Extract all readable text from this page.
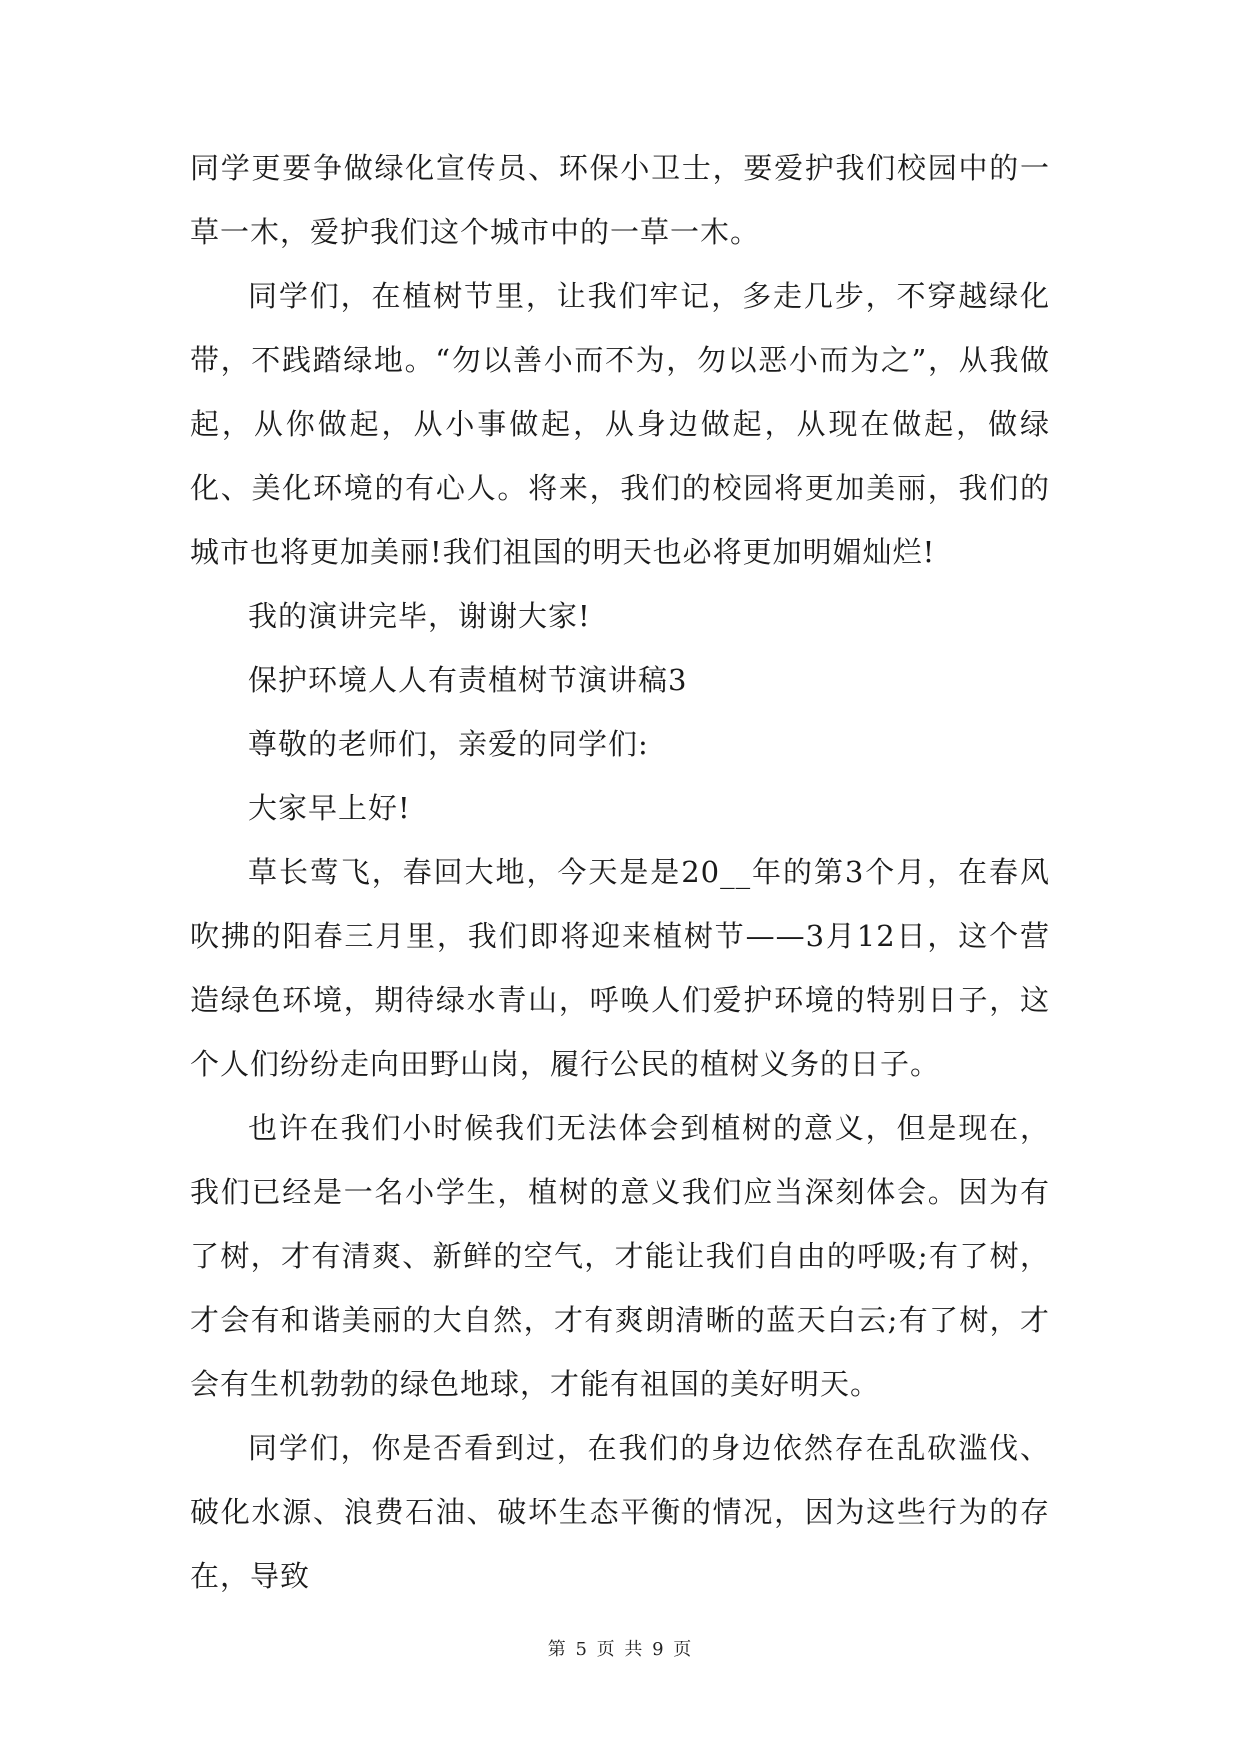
同学更要争做绿化宣传员、环保小卫士，要爱护我们校园中的一草一木，爱护我们这个城市中的一草一木。

同学们，在植树节里，让我们牢记，多走几步，不穿越绿化带，不践踏绿地。“勿以善小而不为，勿以恶小而为之”，从我做起，从你做起，从小事做起，从身边做起，从现在做起，做绿化、美化环境的有心人。将来，我们的校园将更加美丽，我们的城市也将更加美丽!我们祖国的明天也必将更加明媚灿烂!

我的演讲完毕，谢谢大家!

保护环境人人有责植树节演讲稿3

尊敬的老师们，亲爱的同学们:

大家早上好!

草长莺飞，春回大地，今天是是20__年的第3个月，在春风吹拂的阳春三月里，我们即将迎来植树节——3月12日，这个营造绿色环境，期待绿水青山，呼唤人们爱护环境的特别日子，这个人们纷纷走向田野山岗，履行公民的植树义务的日子。

也许在我们小时候我们无法体会到植树的意义，但是现在，我们已经是一名小学生，植树的意义我们应当深刻体会。因为有了树，才有清爽、新鲜的空气，才能让我们自由的呼吸;有了树，才会有和谐美丽的大自然，才有爽朗清晰的蓝天白云;有了树，才会有生机勃勃的绿色地球，才能有祖国的美好明天。

同学们，你是否看到过，在我们的身边依然存在乱砍滥伐、破化水源、浪费石油、破坏生态平衡的情况，因为这些行为的存在，导致

第 5 页 共 9 页
